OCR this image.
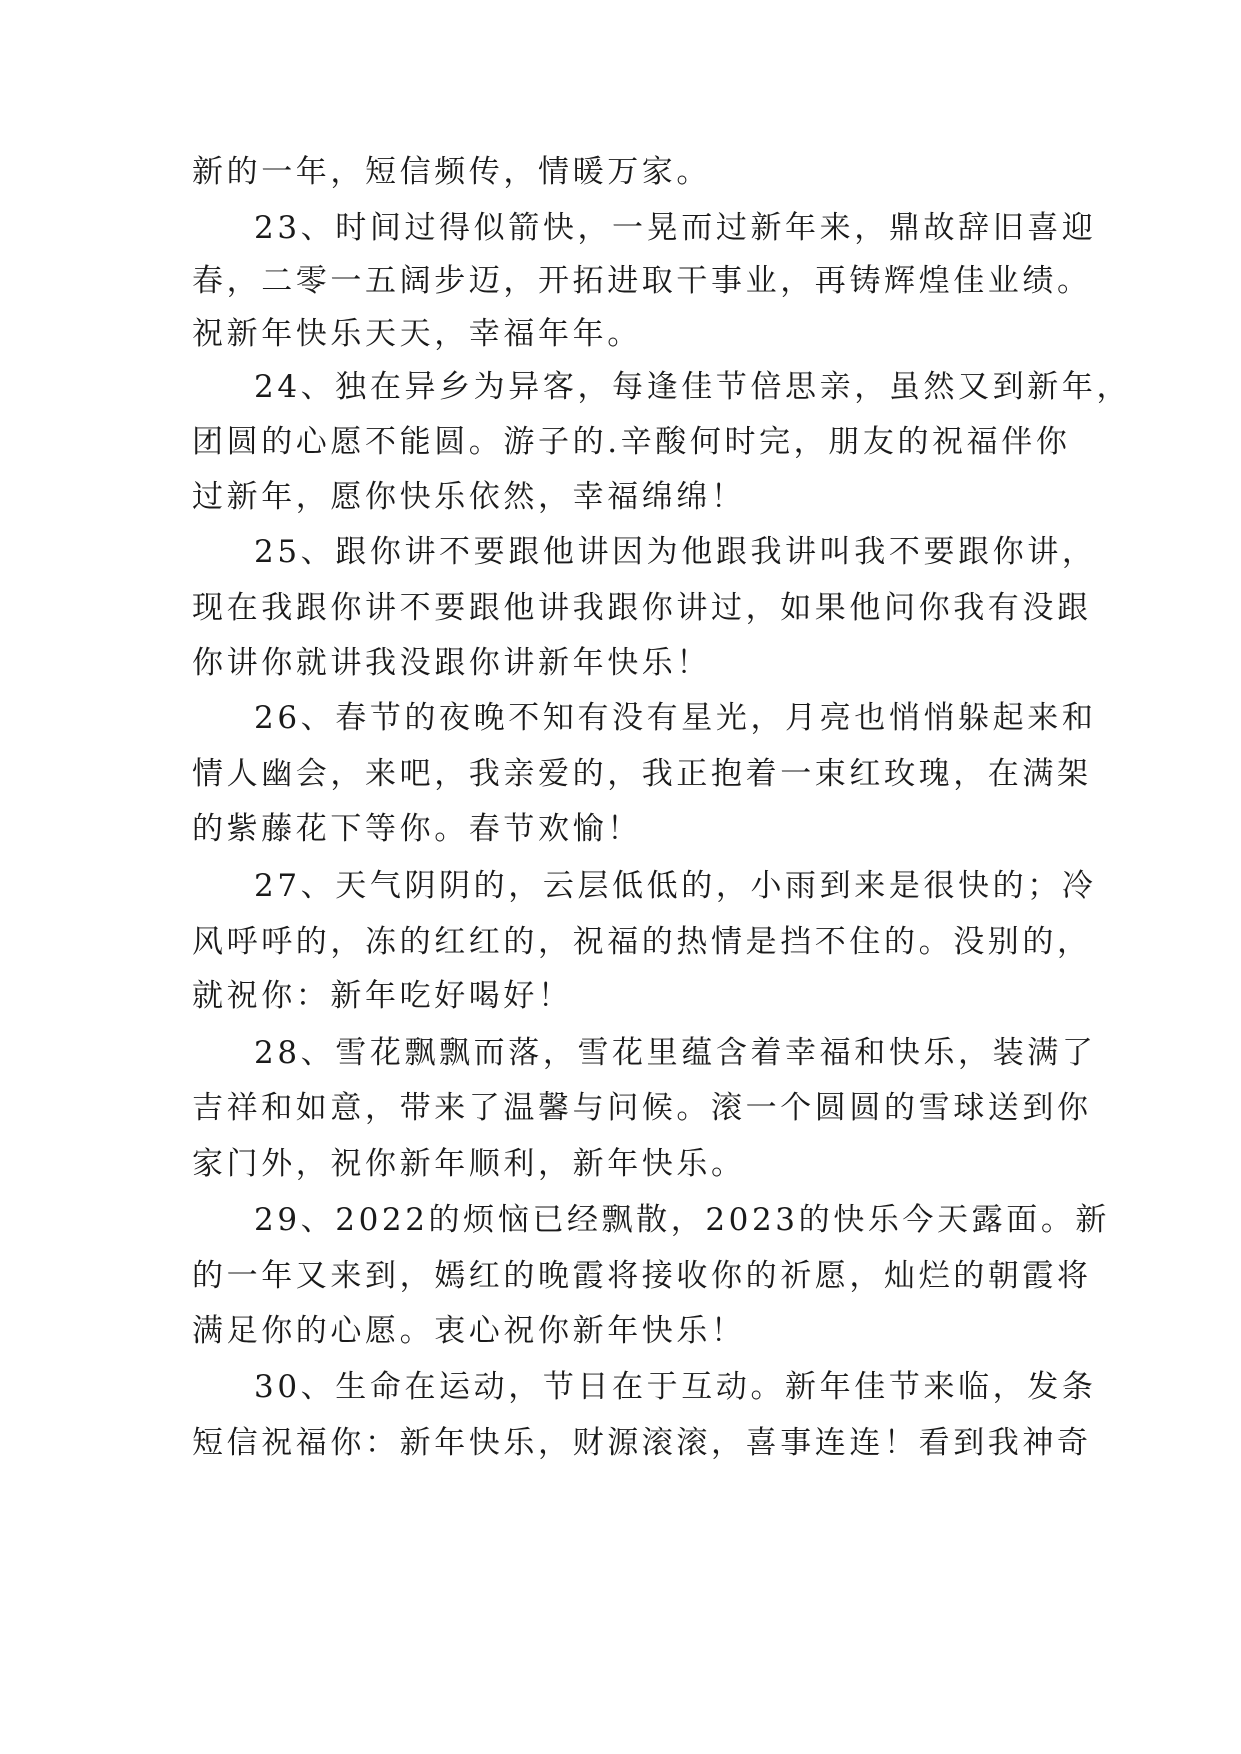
新的一年，短信频传，情暖万家。

23、时间过得似箭快，一晃而过新年来，鼎故辞旧喜迎

春，二零一五阔步迈，开拓进取干事业，再铸辉煌佳业绩。

祝新年快乐天天，幸福年年。

24、独在异乡为异客，每逢佳节倍思亲，虽然又到新年，

团圆的心愿不能圆。游子的.辛酸何时完，朋友的祝福伴你

过新年，愿你快乐依然，幸福绵绵！

25、跟你讲不要跟他讲因为他跟我讲叫我不要跟你讲，

现在我跟你讲不要跟他讲我跟你讲过，如果他问你我有没跟

你讲你就讲我没跟你讲新年快乐！

26、春节的夜晚不知有没有星光，月亮也悄悄躲起来和

情人幽会，来吧，我亲爱的，我正抱着一束红玫瑰，在满架

的紫藤花下等你。春节欢愉！

27、天气阴阴的，云层低低的，小雨到来是很快的；冷

风呼呼的，冻的红红的，祝福的热情是挡不住的。没别的，

就祝你：新年吃好喝好！

28、雪花飘飘而落，雪花里蕴含着幸福和快乐，装满了

吉祥和如意，带来了温馨与问候。滚一个圆圆的雪球送到你

家门外，祝你新年顺利，新年快乐。

29、2022的烦恼已经飘散，2023的快乐今天露面。新

的一年又来到，嫣红的晚霞将接收你的祈愿，灿烂的朝霞将

满足你的心愿。衷心祝你新年快乐！

30、生命在运动，节日在于互动。新年佳节来临，发条

短信祝福你：新年快乐，财源滚滚，喜事连连！看到我神奇
